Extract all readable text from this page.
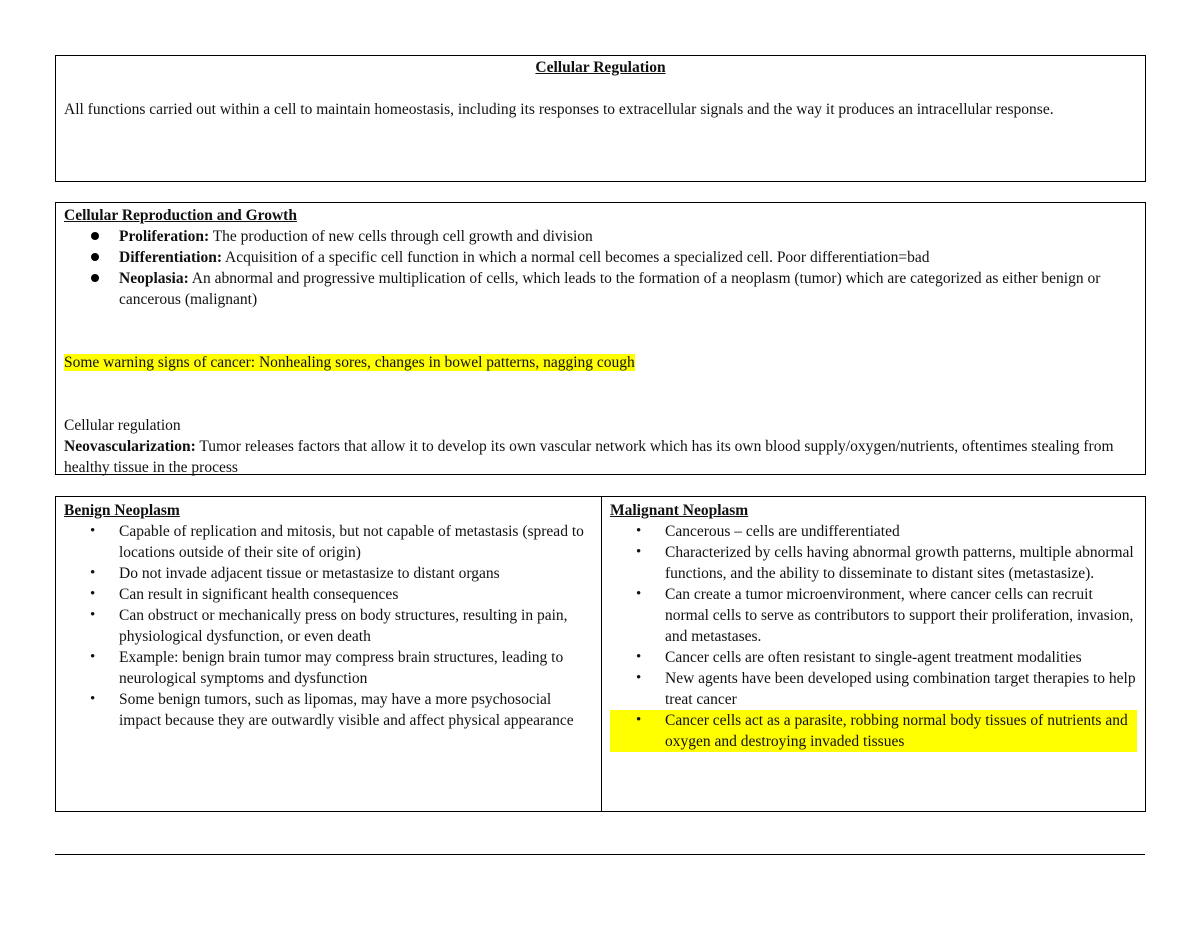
Cellular Regulation

All functions carried out within a cell to maintain homeostasis, including its responses to extracellular signals and the way it produces an intracellular response.

Cellular Reproduction and Growth

Proliferation: The production of new cells through cell growth and division
Differentiation: Acquisition of a specific cell function in which a normal cell becomes a specialized cell. Poor differentiation=bad
Neoplasia: An abnormal and progressive multiplication of cells, which leads to the formation of a neoplasm (tumor) which are categorized as either benign or cancerous (malignant)

Some warning signs of cancer: Nonhealing sores, changes in bowel patterns, nagging cough

Cellular regulation

Neovascularization: Tumor releases factors that allow it to develop its own vascular network which has its own blood supply/oxygen/nutrients, oftentimes stealing from healthy tissue in the process

Benign Neoplasm

• Capable of replication and mitosis, but not capable of metastasis (spread to locations outside of their site of origin)
• Do not invade adjacent tissue or metastasize to distant organs
• Can result in significant health consequences
• Can obstruct or mechanically press on body structures, resulting in pain, physiological dysfunction, or even death
• Example: benign brain tumor may compress brain structures, leading to neurological symptoms and dysfunction
• Some benign tumors, such as lipomas, may have a more psychosocial impact because they are outwardly visible and affect physical appearance

Malignant Neoplasm

• Cancerous – cells are undifferentiated
• Characterized by cells having abnormal growth patterns, multiple abnormal functions, and the ability to disseminate to distant sites (metastasize).
• Can create a tumor microenvironment, where cancer cells can recruit normal cells to serve as contributors to support their proliferation, invasion, and metastases.
• Cancer cells are often resistant to single-agent treatment modalities
• New agents have been developed using combination target therapies to help treat cancer
• Cancer cells act as a parasite, robbing normal body tissues of nutrients and oxygen and destroying invaded tissues
